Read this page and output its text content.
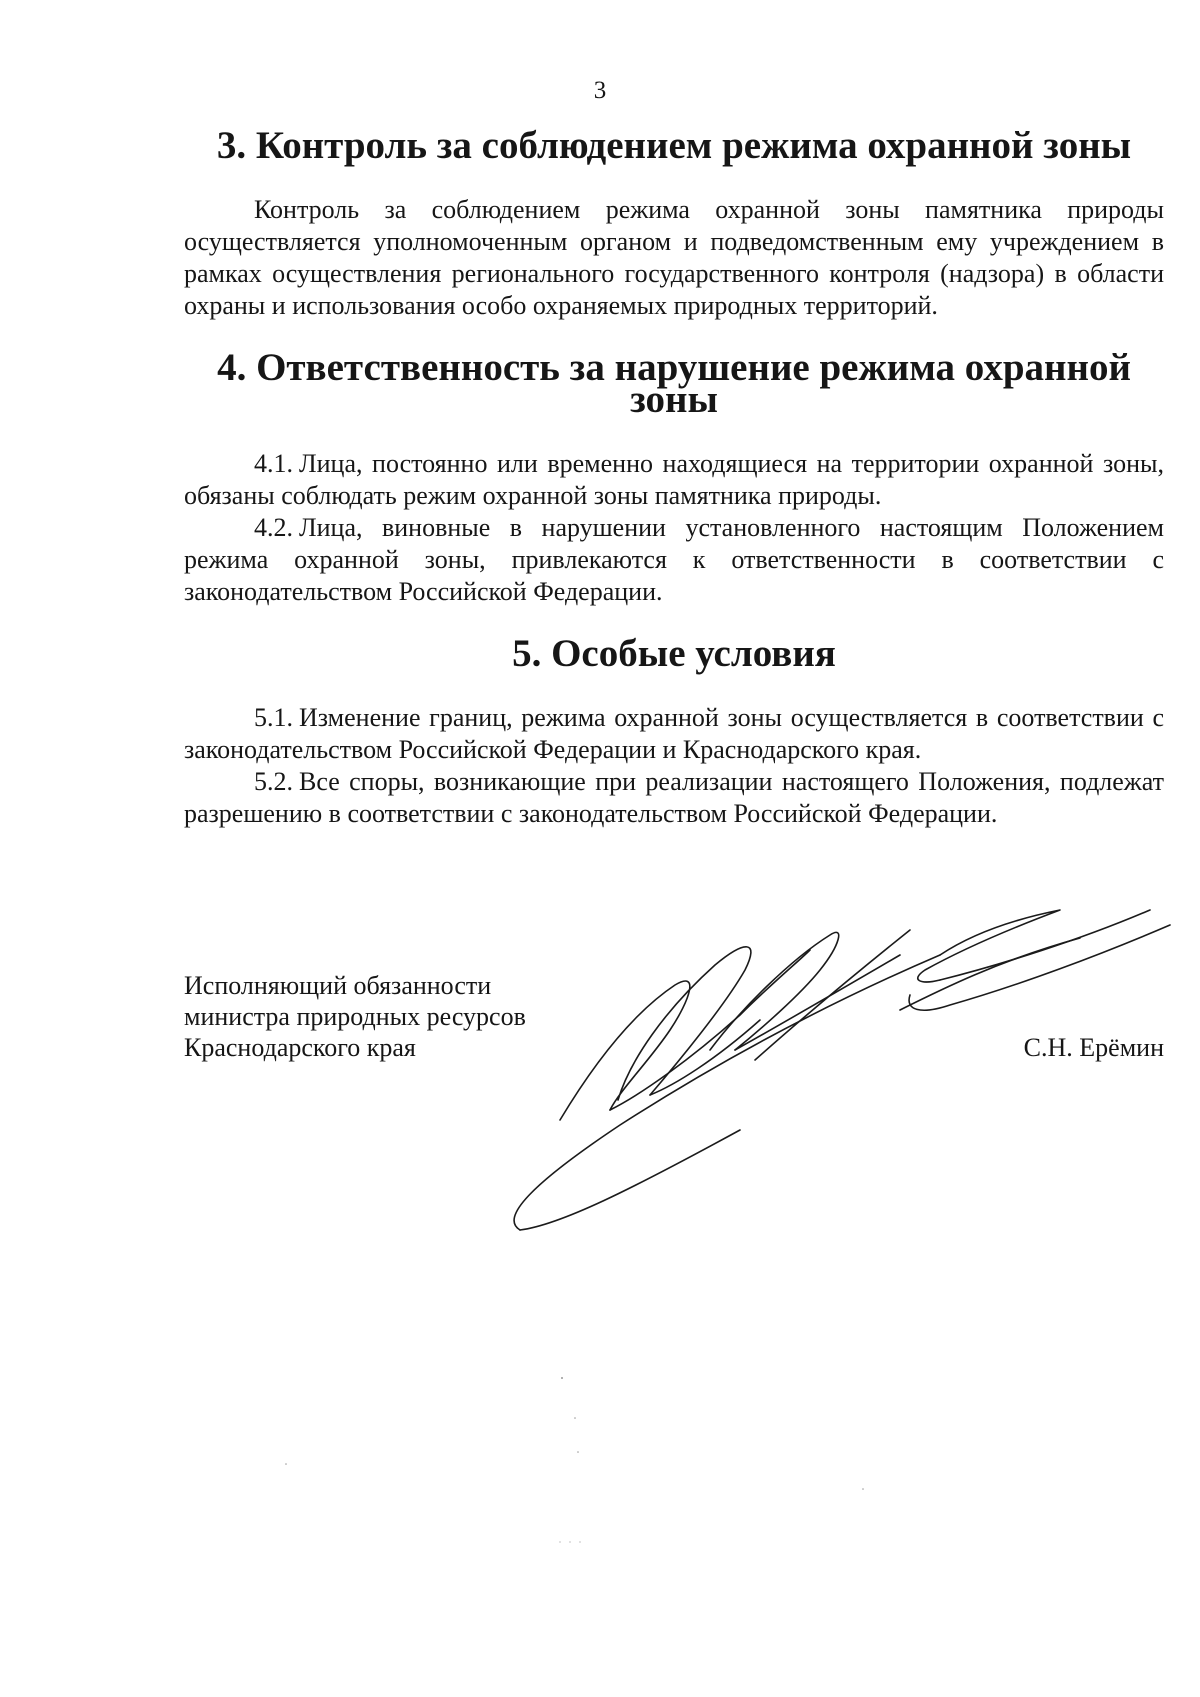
3
3. Контроль за соблюдением режима охранной зоны

Контроль за соблюдением режима охранной зоны памятника природы осуществляется уполномоченным органом и подведомственным ему учреждением в рамках осуществления регионального государственного контроля (надзора) в области охраны и использования особо охраняемых природных территорий.

4. Ответственность за нарушение режима охранной зоны

4.1. Лица, постоянно или временно находящиеся на территории охранной зоны, обязаны соблюдать режим охранной зоны памятника природы.

4.2. Лица, виновные в нарушении установленного настоящим Положением режима охранной зоны, привлекаются к ответственности в соответствии с законодательством Российской Федерации.

5. Особые условия

5.1. Изменение границ, режима охранной зоны осуществляется в соответствии с законодательством Российской Федерации и Краснодарского края.

5.2. Все споры, возникающие при реализации настоящего Положения, подлежат разрешению в соответствии с законодательством Российской Федерации.

Исполняющий обязанности
министра природных ресурсов
Краснодарского края	С.Н. Ерёмин
